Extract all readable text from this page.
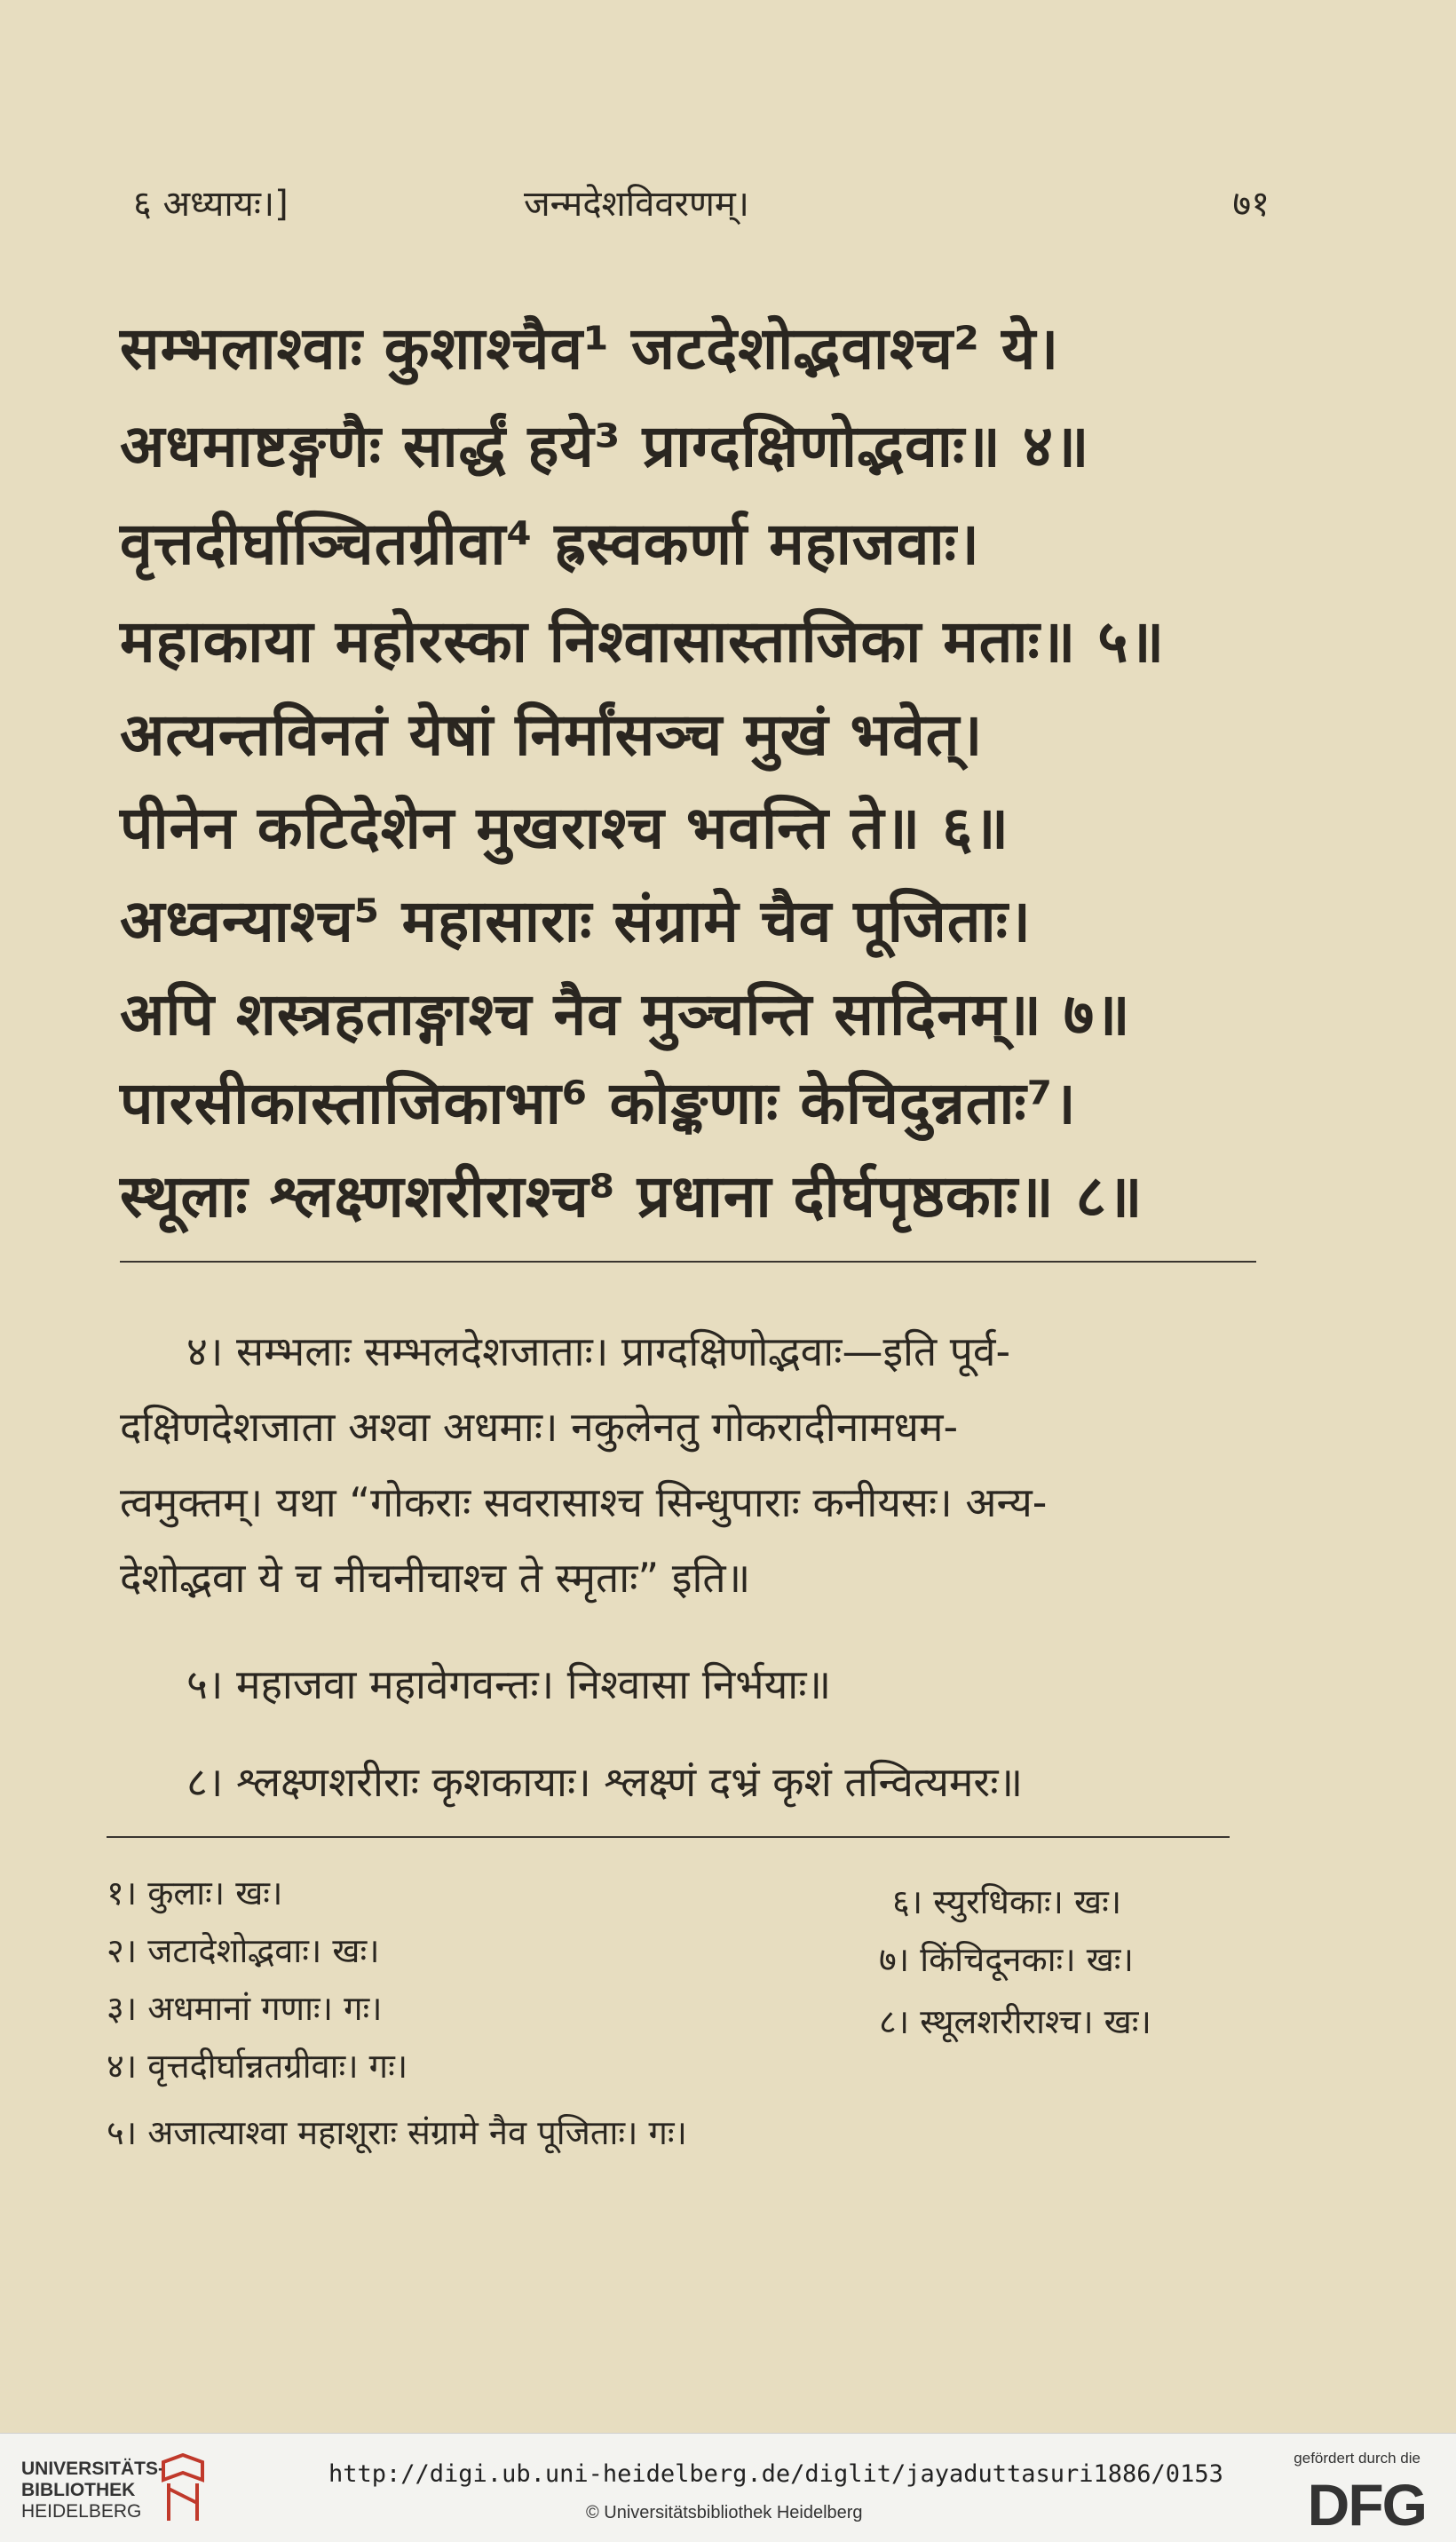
६ अध्यायः।]	जन्मदेशविवरणम्।	७१
सम्भलाश्वाः कुशाश्चैव¹ जटदेशोद्भवाश्च² ये।
अधमाष्टङ्गणैः सार्द्धं हये³ प्राग्दक्षिणोद्भवाः॥ ४॥
वृत्तदीर्घाञ्चितग्रीवा⁴ ह्रस्वकर्णा महाजवाः।
महाकाया महोरस्का निश्वासास्ताजिका मताः॥ ५॥
अत्यन्तविनतं येषां निर्मांसञ्च मुखं भवेत्।
पीनेन कटिदेशेन मुखराश्च भवन्ति ते॥ ६॥
अध्वन्याश्च⁵ महासाराः संग्रामे चैव पूजिताः।
अपि शस्त्रहताङ्गाश्च नैव मुञ्चन्ति सादिनम्॥ ७॥
पारसीकास्ताजिकाभा⁶ कोङ्कणाः केचिदुन्नताः⁷।
स्थूलाः श्लक्ष्णशरीराश्च⁸ प्रधाना दीर्घपृष्ठकाः॥ ८॥
४। सम्भलाः सम्भलदेशजाताः। प्राग्दक्षिणोद्भवाः—इति पूर्व-
दक्षिणदेशजाता अश्वा अधमाः। नकुलेनतु गोकरादीनामधम-
त्वमुक्तम्। यथा “गोकराः सवरासाश्च सिन्धुपाराः कनीयसः। अन्य-
देशोद्भवा ये च नीचनीचाश्च ते स्मृताः” इति॥
५। महाजवा महावेगवन्तः। निश्वासा निर्भयाः॥
८। श्लक्ष्णशरीराः कृशकायाः। श्लक्ष्णं दभ्रं कृशं तन्वित्यमरः॥
१। कुलाः। खः।
२। जटादेशोद्भवाः। खः।
३। अधमानां गणाः। गः।
४। वृत्तदीर्घान्नतग्रीवाः। गः।
५। अजात्याश्वा महाशूराः संग्रामे नैव पूजिताः। गः।
६। स्युरधिकाः। खः।
७। किंचिदूनकाः। खः।
८। स्थूलशरीराश्च। खः।
UNIVERSITÄTS-
BIBLIOTHEK
HEIDELBERG
http://digi.ub.uni-heidelberg.de/diglit/jayaduttasuri1886/0153
© Universitätsbibliothek Heidelberg
gefördert durch die
DFG
